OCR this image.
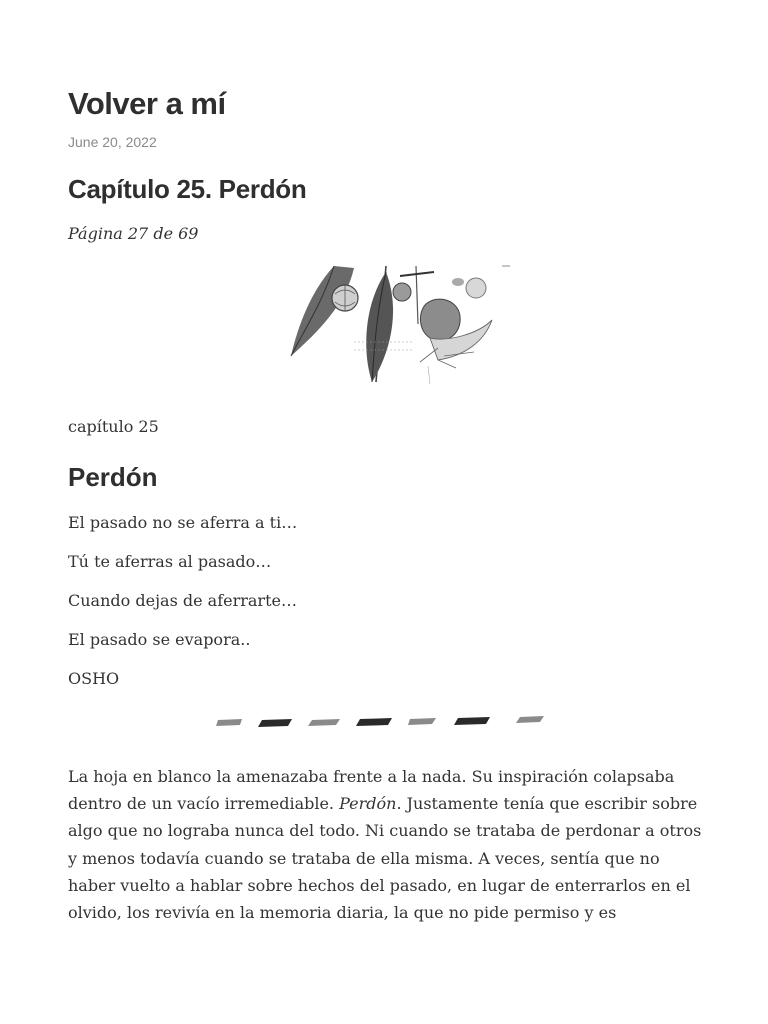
Volver a mí
June 20, 2022
Capítulo 25. Perdón
Página 27 de 69
capítulo 25
Perdón
El pasado no se aferra a ti…
Tú te aferras al pasado…
Cuando dejas de aferrarte…
El pasado se evapora..
OSHO

La hoja en blanco la amenazaba frente a la nada. Su inspiración colapsaba dentro de un vacío irremediable. Perdón. Justamente tenía que escribir sobre algo que no lograba nunca del todo. Ni cuando se trataba de perdonar a otros y menos todavía cuando se trataba de ella misma. A veces, sentía que no haber vuelto a hablar sobre hechos del pasado, en lugar de enterrarlos en el olvido, los revivía en la memoria diaria, la que no pide permiso y es
